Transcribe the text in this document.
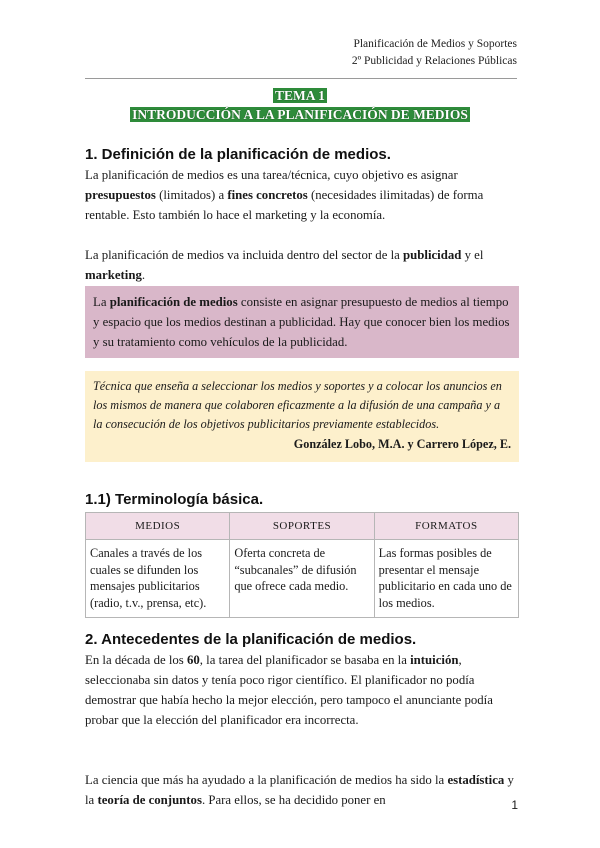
Planificación de Medios y Soportes
2º Publicidad y Relaciones Públicas
TEMA 1
INTRODUCCIÓN A LA PLANIFICACIÓN DE MEDIOS
1. Definición de la planificación de medios.

La planificación de medios es una tarea/técnica, cuyo objetivo es asignar presupuestos (limitados) a fines concretos (necesidades ilimitadas) de forma rentable. Esto también lo hace el marketing y la economía.

La planificación de medios va incluida dentro del sector de la publicidad y el marketing.

La planificación de medios consiste en asignar presupuesto de medios al tiempo y espacio que los medios destinan a publicidad. Hay que conocer bien los medios y su tratamiento como vehículos de la publicidad.
Técnica que enseña a seleccionar los medios y soportes y a colocar los anuncios en los mismos de manera que colaboren eficazmente a la difusión de una campaña y a la consecución de los objetivos publicitarios previamente establecidos.
González Lobo, M.A. y Carrero López, E.
1.1) Terminología básica.
MEDIOS	SOPORTES	FORMATOS
Canales a través de los cuales se difunden los mensajes publicitarios (radio, t.v., prensa, etc).	Oferta concreta de “subcanales” de difusión que ofrece cada medio.	Las formas posibles de presentar el mensaje publicitario en cada uno de los medios.
2. Antecedentes de la planificación de medios.

En la década de los 60, la tarea del planificador se basaba en la intuición, seleccionaba sin datos y tenía poco rigor científico. El planificador no podía demostrar que había hecho la mejor elección, pero tampoco el anunciante podía probar que la elección del planificador era incorrecta.

La ciencia que más ha ayudado a la planificación de medios ha sido la estadística y la teoría de conjuntos. Para ellos, se ha decidido poner en	1
